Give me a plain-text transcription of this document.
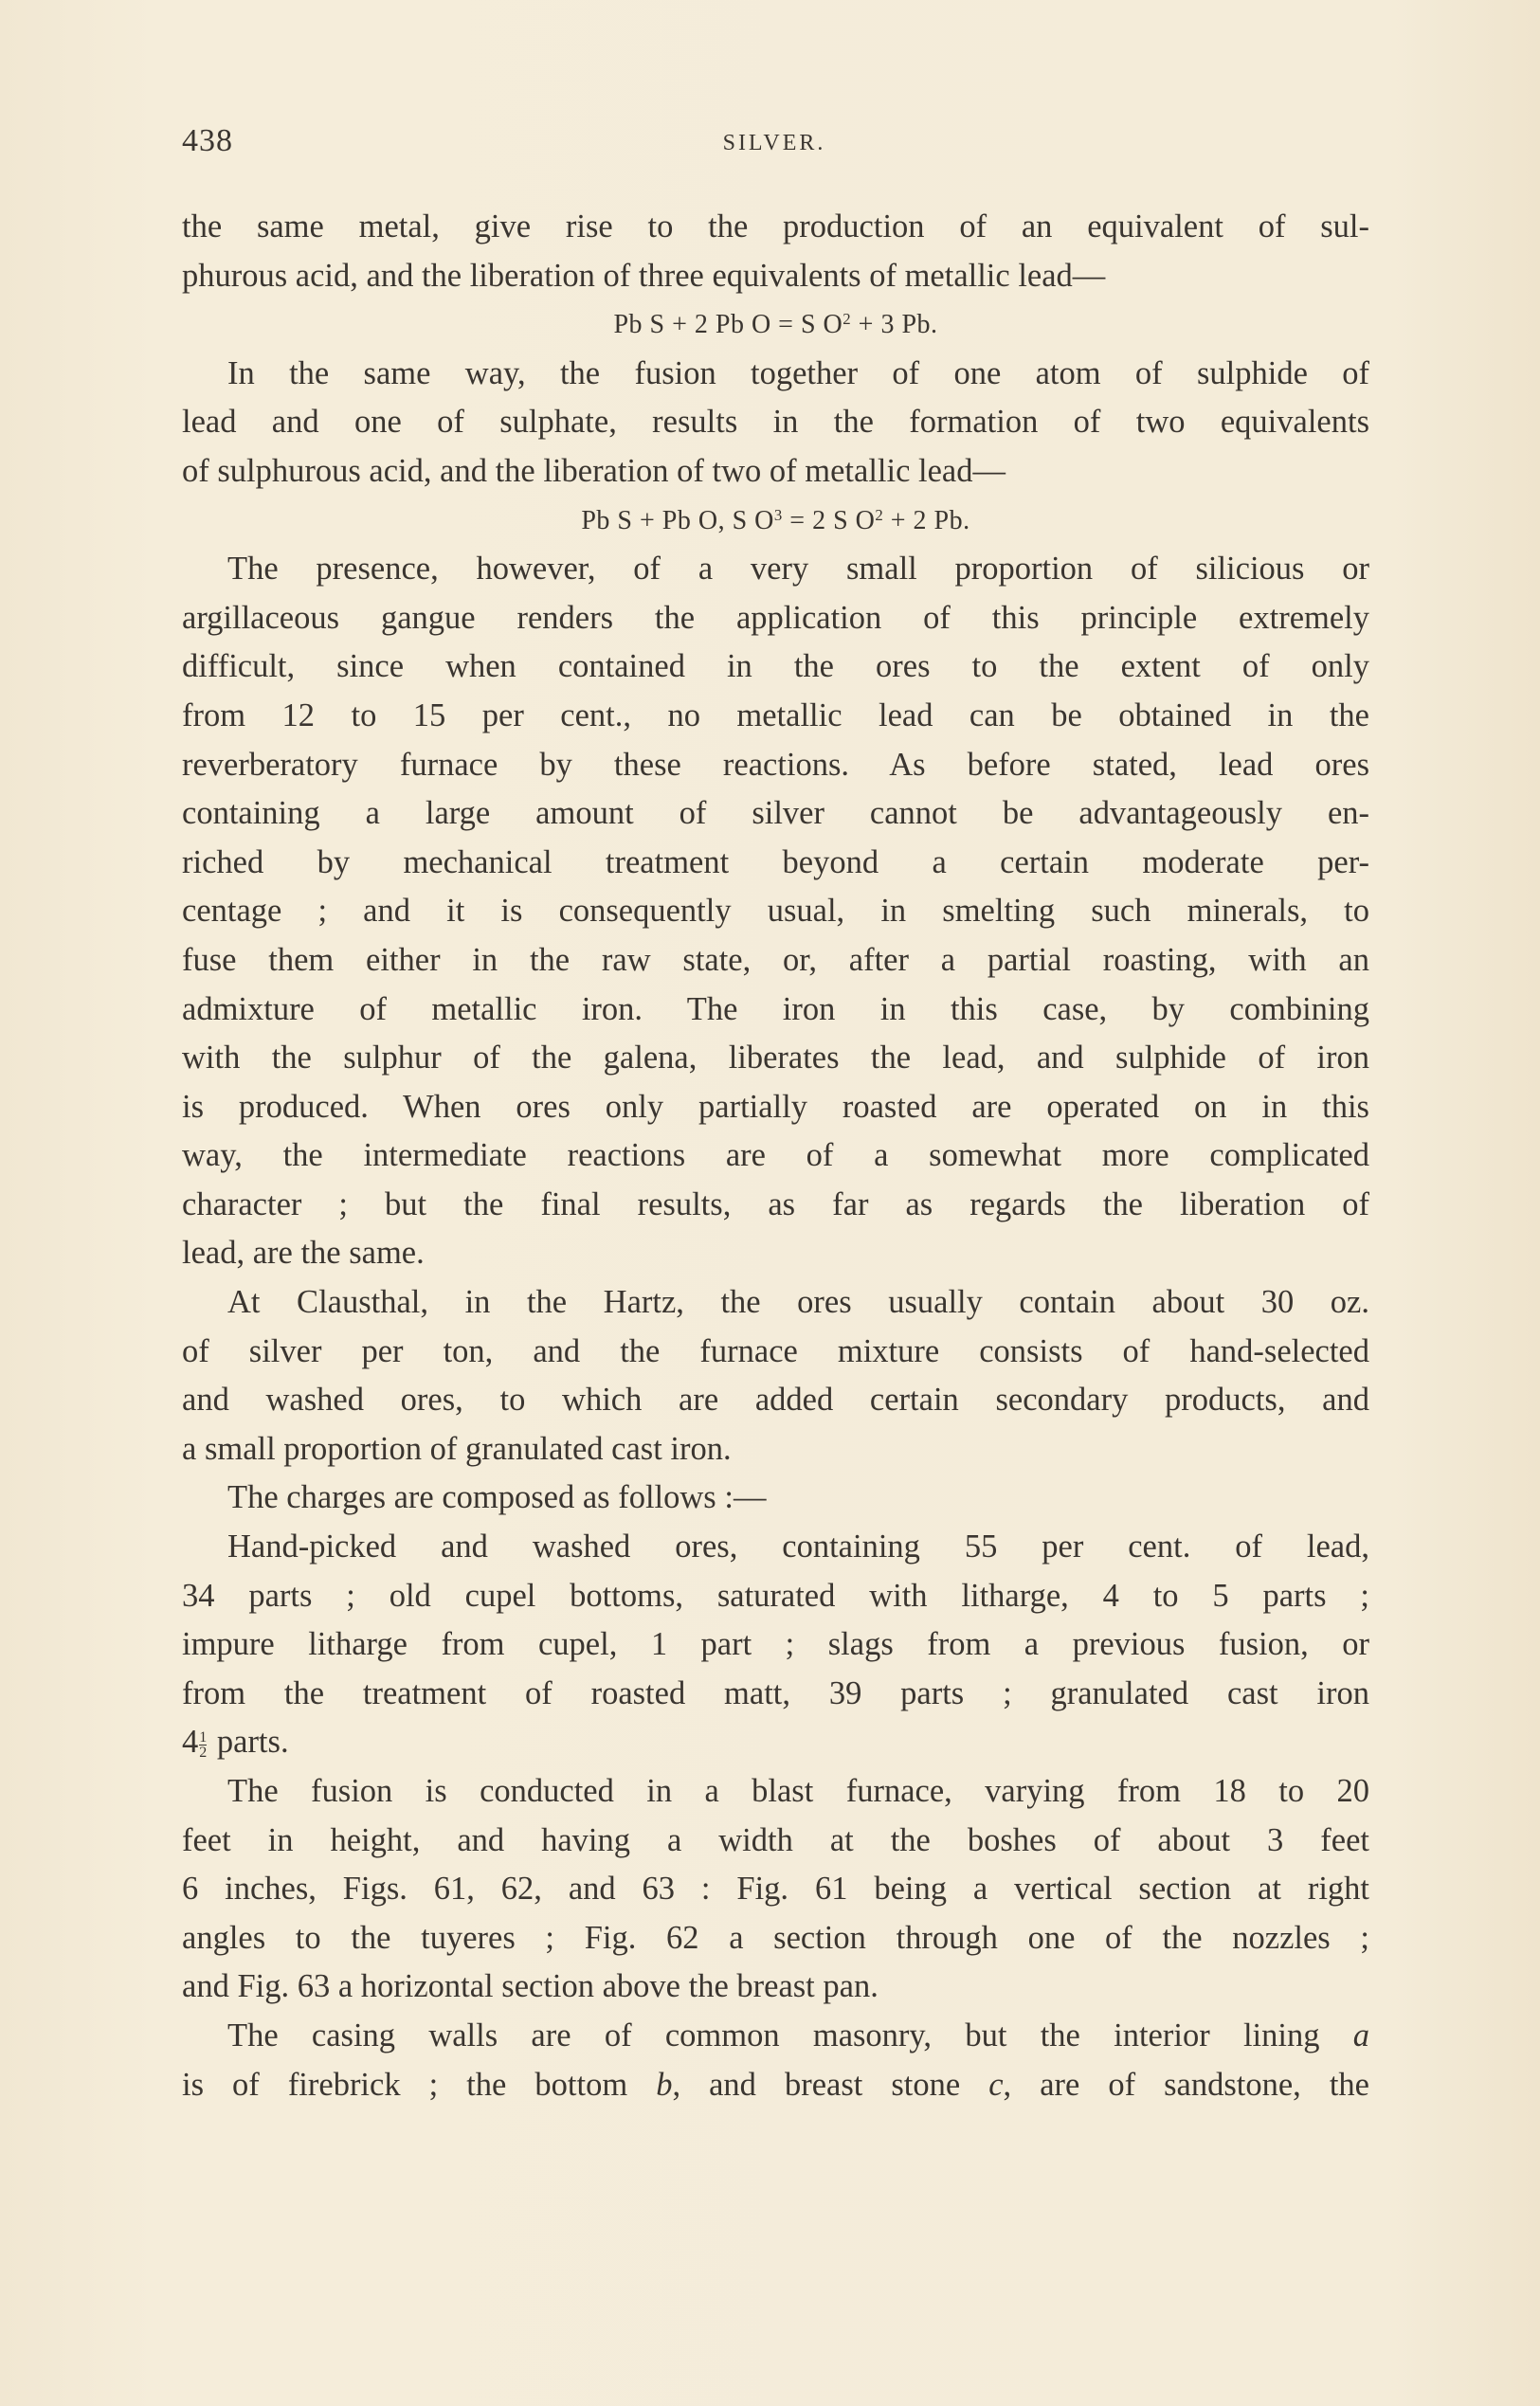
438	SILVER.
the same metal, give rise to the production of an equivalent of sul-
phurous acid, and the liberation of three equivalents of metallic lead—
Pb S + 2 Pb O = S $O^2 + 3$ Pb.
In the same way, the fusion together of one atom of sulphide of
lead and one of sulphate, results in the formation of two equivalents
of sulphurous acid, and the liberation of two of metallic lead—
Pb S + Pb O, S $O^3 = 2$ S $O^2 + 2$ Pb.
The presence, however, of a very small proportion of silicious or
argillaceous gangue renders the application of this principle extremely
difficult, since when contained in the ores to the extent of only
from 12 to 15 per cent., no metallic lead can be obtained in the
reverberatory furnace by these reactions. As before stated, lead ores
containing a large amount of silver cannot be advantageously en-
riched by mechanical treatment beyond a certain moderate per-
centage ; and it is consequently usual, in smelting such minerals, to
fuse them either in the raw state, or, after a partial roasting, with an
admixture of metallic iron. The iron in this case, by combining
with the sulphur of the galena, liberates the lead, and sulphide of iron
is produced. When ores only partially roasted are operated on in this
way, the intermediate reactions are of a somewhat more complicated
character ; but the final results, as far as regards the liberation of
lead, are the same.
At Clausthal, in the Hartz, the ores usually contain about 30 oz.
of silver per ton, and the furnace mixture consists of hand-selected
and washed ores, to which are added certain secondary products, and
a small proportion of granulated cast iron.
The charges are composed as follows :—
Hand-picked and washed ores, containing 55 per cent. of lead,
34 parts ; old cupel bottoms, saturated with litharge, 4 to 5 parts ;
impure litharge from cupel, 1 part ; slags from a previous fusion, or
from the treatment of roasted matt, 39 parts ; granulated cast iron
$4 \frac{1}{2}$ parts.
The fusion is conducted in a blast furnace, varying from 18 to 20
feet in height, and having a width at the boshes of about 3 feet
6 inches, Figs. 61, 62, and 63 : Fig. 61 being a vertical section at right
angles to the tuyeres ; Fig. 62 a section through one of the nozzles ;
and Fig. 63 a horizontal section above the breast pan.
The casing walls are of common masonry, but the interior lining a
is of firebrick ; the bottom b, and breast stone c, are of sandstone, the
